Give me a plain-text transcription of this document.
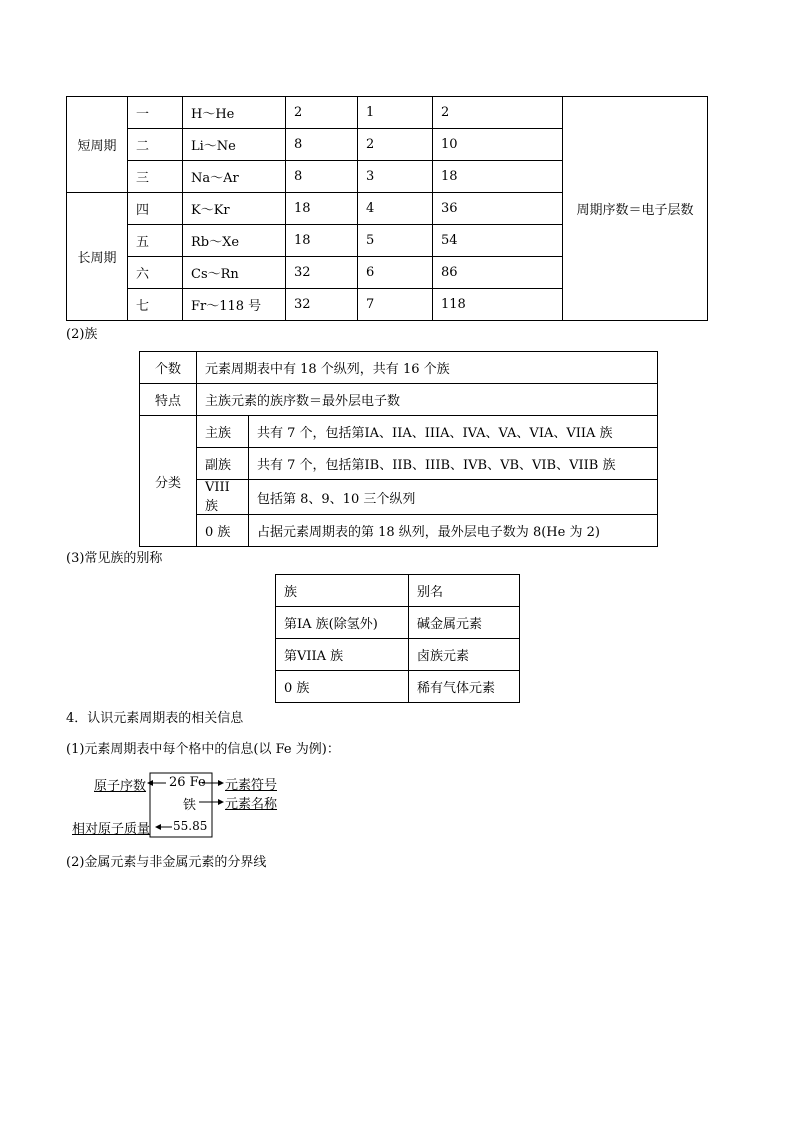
短周期	一	H～He	2	1	2	周期序数＝电子层数
	二	Li～Ne	8	2	10	
	三	Na～Ar	8	3	18	
长周期	四	K～Kr	18	4	36	
	五	Rb～Xe	18	5	54	
	六	Cs～Rn	32	6	86	
	七	Fr～118 号	32	7	118	
(2)族
个数	元素周期表中有 18 个纵列，共有 16 个族	
特点	主族元素的族序数＝最外层电子数	
分类	主族	共有 7 个，包括第IA、IIA、IIIA、IVA、VA、VIA、VIIA 族
	副族	共有 7 个，包括第IB、IIB、IIIB、IVB、VB、VIB、VIIB 族
	VIII族	包括第 8、9、10 三个纵列
	0 族	占据元素周期表的第 18 纵列，最外层电子数为 8(He 为 2)
(3)常见族的别称
族	别名
第IA 族(除氢外)	碱金属元素
第VIIA 族	卤族元素
0 族	稀有气体元素
4．认识元素周期表的相关信息
(1)元素周期表中每个格中的信息(以 Fe 为例)：
原子序数 26 Fe 元素符号
铁 元素名称
相对原子质量 55.85
(2)金属元素与非金属元素的分界线
